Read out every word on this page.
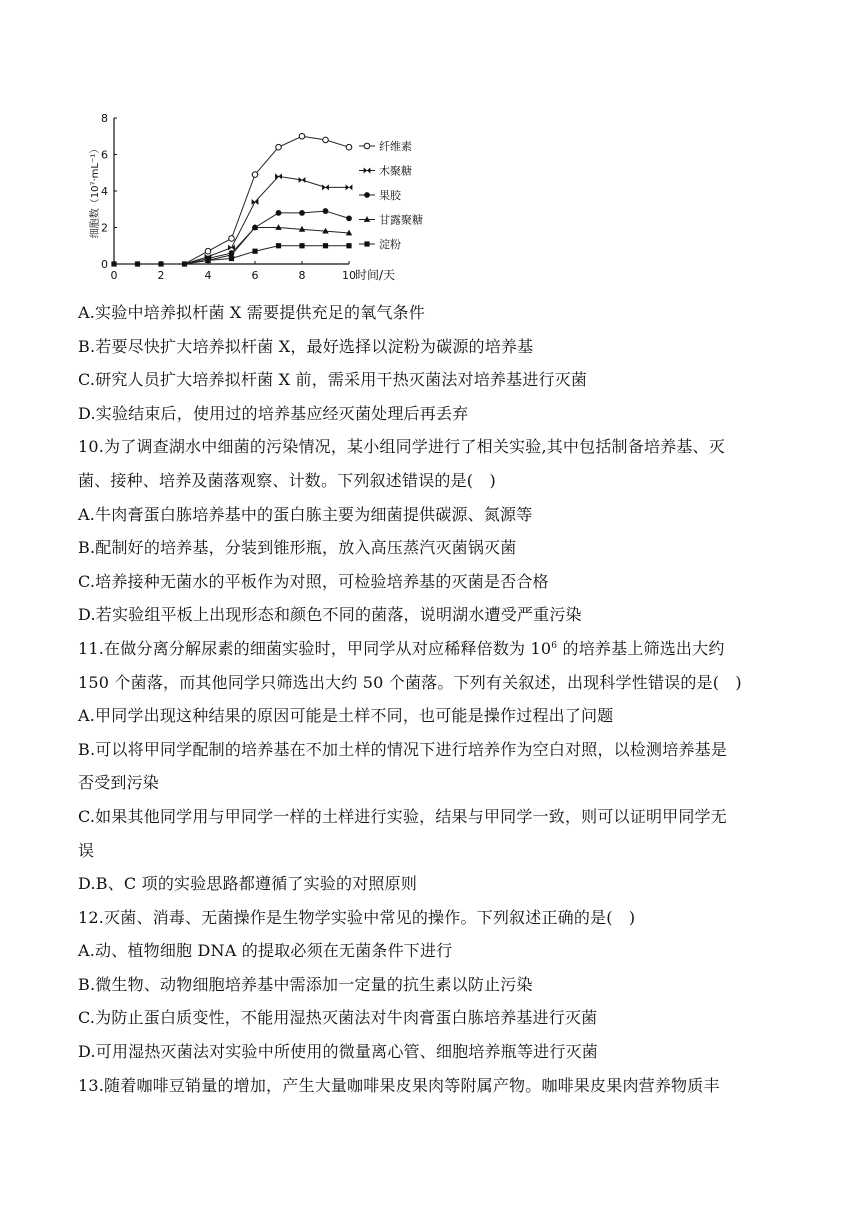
0	2	4	6	8	10
0
2
4
6
8
时间/天
细胞数（10⁷·mL⁻¹）	纤维素
木聚糖
果胶
甘露聚糖
淀粉
A.实验中培养拟杆菌 X 需要提供充足的氧气条件
B.若要尽快扩大培养拟杆菌 X，最好选择以淀粉为碳源的培养基
C.研究人员扩大培养拟杆菌 X 前，需采用干热灭菌法对培养基进行灭菌
D.实验结束后，使用过的培养基应经灭菌处理后再丢弃
10.为了调查湖水中细菌的污染情况，某小组同学进行了相关实验,其中包括制备培养基、灭
菌、接种、培养及菌落观察、计数。下列叙述错误的是(　)
A.牛肉膏蛋白胨培养基中的蛋白胨主要为细菌提供碳源、氮源等
B.配制好的培养基，分装到锥形瓶，放入高压蒸汽灭菌锅灭菌
C.培养接种无菌水的平板作为对照，可检验培养基的灭菌是否合格
D.若实验组平板上出现形态和颜色不同的菌落，说明湖水遭受严重污染
11.在做分离分解尿素的细菌实验时，甲同学从对应稀释倍数为 $10^6$ 的培养基上筛选出大约
150 个菌落，而其他同学只筛选出大约 50 个菌落。下列有关叙述，出现科学性错误的是(　)
A.甲同学出现这种结果的原因可能是土样不同，也可能是操作过程出了问题
B.可以将甲同学配制的培养基在不加土样的情况下进行培养作为空白对照，以检测培养基是
否受到污染
C.如果其他同学用与甲同学一样的土样进行实验，结果与甲同学一致，则可以证明甲同学无
误
D.B、C 项的实验思路都遵循了实验的对照原则
12.灭菌、消毒、无菌操作是生物学实验中常见的操作。下列叙述正确的是(　)
A.动、植物细胞 DNA 的提取必须在无菌条件下进行
B.微生物、动物细胞培养基中需添加一定量的抗生素以防止污染
C.为防止蛋白质变性，不能用湿热灭菌法对牛肉膏蛋白胨培养基进行灭菌
D.可用湿热灭菌法对实验中所使用的微量离心管、细胞培养瓶等进行灭菌
13.随着咖啡豆销量的增加，产生大量咖啡果皮果肉等附属产物。咖啡果皮果肉营养物质丰
